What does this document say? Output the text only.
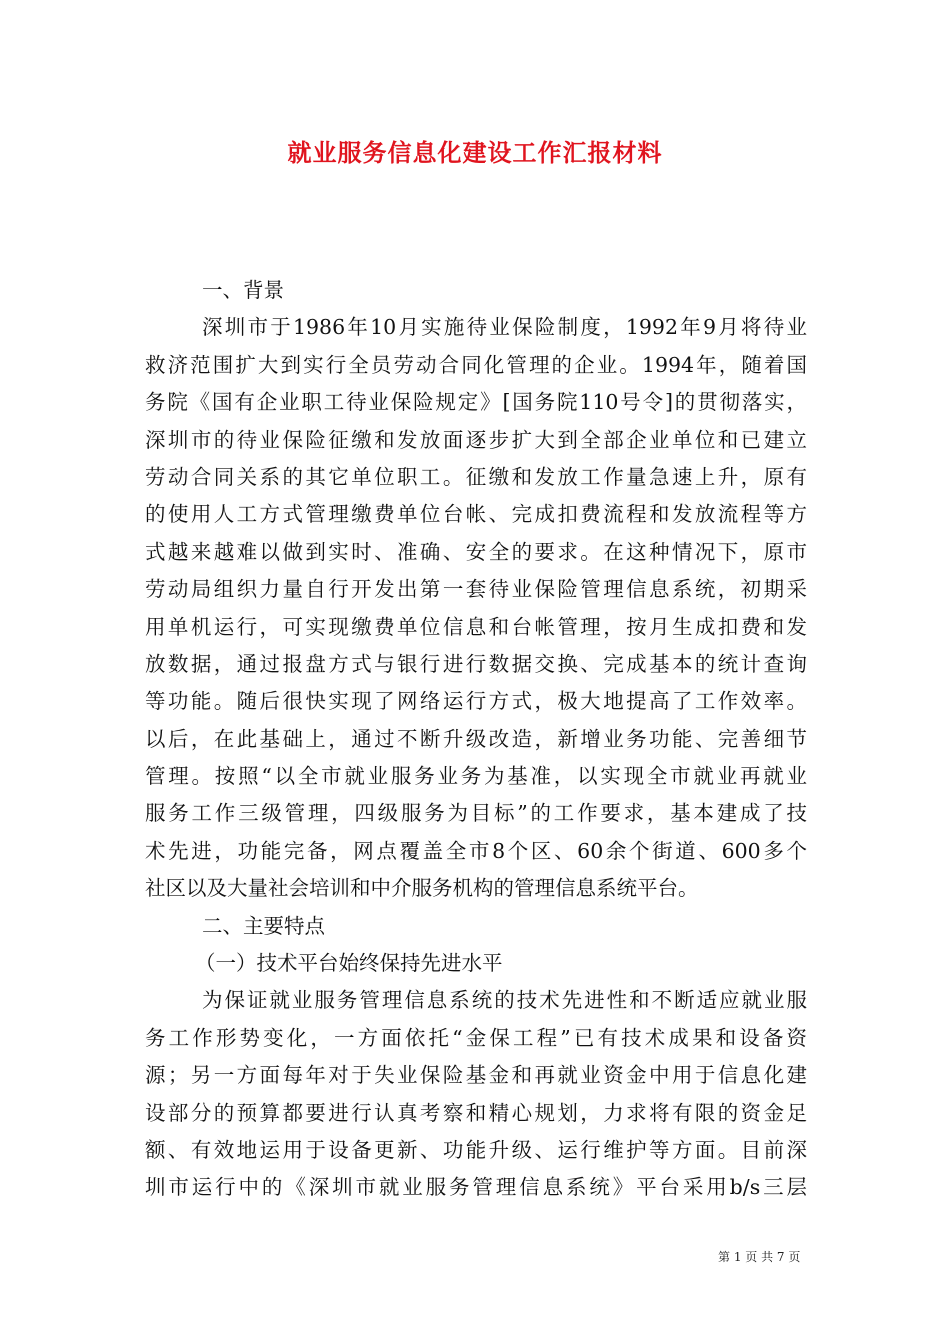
就业服务信息化建设工作汇报材料
一、背景
深圳市于1986年10月实施待业保险制度，1992年9月将待业
救济范围扩大到实行全员劳动合同化管理的企业。1994年，随着国
务院《国有企业职工待业保险规定》[国务院110号令]的贯彻落实，
深圳市的待业保险征缴和发放面逐步扩大到全部企业单位和已建立
劳动合同关系的其它单位职工。征缴和发放工作量急速上升，原有
的使用人工方式管理缴费单位台帐、完成扣费流程和发放流程等方
式越来越难以做到实时、准确、安全的要求。在这种情况下，原市
劳动局组织力量自行开发出第一套待业保险管理信息系统，初期采
用单机运行，可实现缴费单位信息和台帐管理，按月生成扣费和发
放数据，通过报盘方式与银行进行数据交换、完成基本的统计查询
等功能。随后很快实现了网络运行方式，极大地提高了工作效率。
以后，在此基础上，通过不断升级改造，新增业务功能、完善细节
管理。按照“以全市就业服务业务为基准，以实现全市就业再就业
服务工作三级管理，四级服务为目标”的工作要求，基本建成了技
术先进，功能完备，网点覆盖全市8个区、60余个街道、600多个
社区以及大量社会培训和中介服务机构的管理信息系统平台。
二、主要特点
（一）技术平台始终保持先进水平
为保证就业服务管理信息系统的技术先进性和不断适应就业服
务工作形势变化，一方面依托“金保工程”已有技术成果和设备资
源；另一方面每年对于失业保险基金和再就业资金中用于信息化建
设部分的预算都要进行认真考察和精心规划，力求将有限的资金足
额、有效地运用于设备更新、功能升级、运行维护等方面。目前深
圳市运行中的《深圳市就业服务管理信息系统》平台采用b/s三层
第 1 页 共 7 页
